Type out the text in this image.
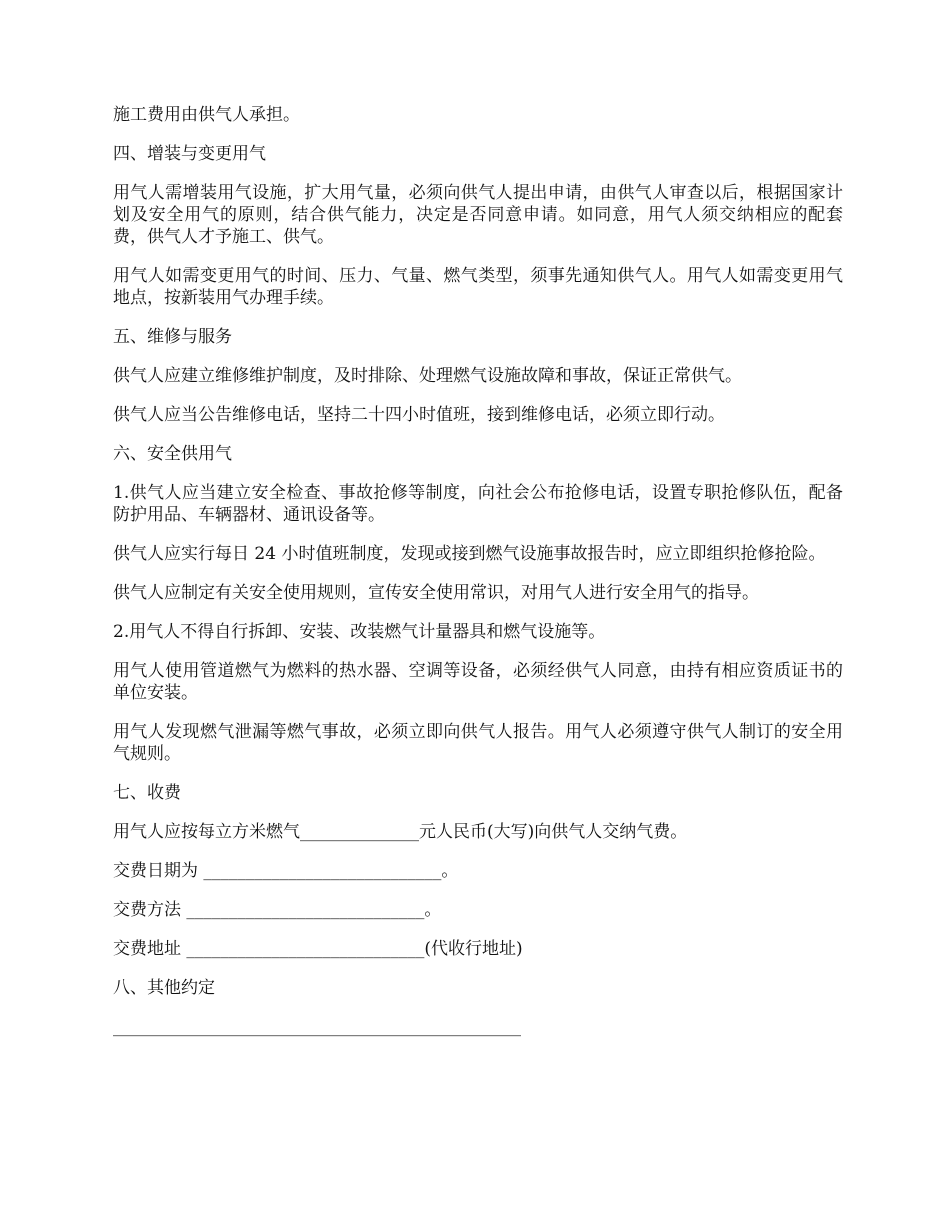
施工费用由供气人承担。

四、增装与变更用气

用气人需增装用气设施，扩大用气量，必须向供气人提出申请，由供气人审查以后，根据国家计划及安全用气的原则，结合供气能力，决定是否同意申请。如同意，用气人须交纳相应的配套费，供气人才予施工、供气。

用气人如需变更用气的时间、压力、气量、燃气类型，须事先通知供气人。用气人如需变更用气地点，按新装用气办理手续。

五、维修与服务

供气人应建立维修维护制度，及时排除、处理燃气设施故障和事故，保证正常供气。

供气人应当公告维修电话，坚持二十四小时值班，接到维修电话，必须立即行动。

六、安全供用气

1.供气人应当建立安全检查、事故抢修等制度，向社会公布抢修电话，设置专职抢修队伍，配备防护用品、车辆器材、通讯设备等。

供气人应实行每日 24 小时值班制度，发现或接到燃气设施事故报告时，应立即组织抢修抢险。

供气人应制定有关安全使用规则，宣传安全使用常识，对用气人进行安全用气的指导。

2.用气人不得自行拆卸、安装、改装燃气计量器具和燃气设施等。

用气人使用管道燃气为燃料的热水器、空调等设备，必须经供气人同意，由持有相应资质证书的单位安装。

用气人发现燃气泄漏等燃气事故，必须立即向供气人报告。用气人必须遵守供气人制订的安全用气规则。

七、收费

用气人应按每立方米燃气______________元人民币(大写)向供气人交纳气费。

交费日期为 ____________________________。

交费方法 ____________________________。

交费地址 ____________________________(代收行地址)

八、其他约定

________________________________________________
